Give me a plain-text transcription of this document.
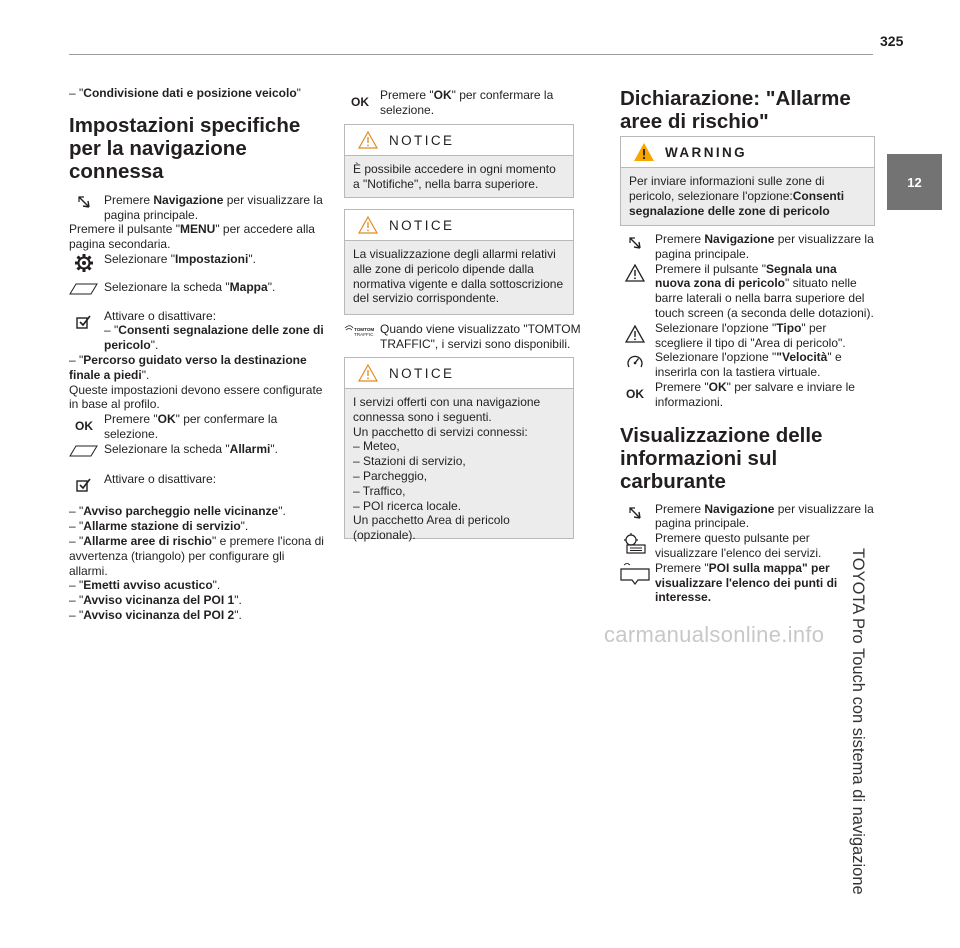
325
12
TOYOTA Pro Touch con sistema di navigazione

– "Condivisione dati e posizione veicolo"

Impostazioni specifiche per la navigazione connessa

Premere Navigazione per visualizzare la pagina principale.

Premere il pulsante "MENU" per accedere alla pagina secondaria.

Selezionare "Impostazioni".

Selezionare la scheda "Mappa".

Attivare o disattivare:

– "Consenti segnalazione delle zone di pericolo".

– "Percorso guidato verso la destinazione finale a piedi".

Queste impostazioni devono essere configurate in base al profilo.

OK Premere "OK" per confermare la selezione.

Selezionare la scheda "Allarmi".

Attivare o disattivare:

– "Avviso parcheggio nelle vicinanze".

– "Allarme stazione di servizio".

– "Allarme aree di rischio" e premere l'icona di avvertenza (triangolo) per configurare gli allarmi.

– "Emetti avviso acustico".

– "Avviso vicinanza del POI 1".

– "Avviso vicinanza del POI 2".

OK Premere "OK" per confermare la selezione.

NOTICE
È possibile accedere in ogni momento a "Notifiche", nella barra superiore.
NOTICE
La visualizzazione degli allarmi relativi alle zone di pericolo dipende dalla normativa vigente e dalla sottoscrizione del servizio corrispondente.
TOMTOM
TRAFFIC Quando viene visualizzato "TOMTOM TRAFFIC", i servizi sono disponibili.

NOTICE
I servizi offerti con una navigazione connessa sono i seguenti.
Un pacchetto di servizi connessi:
– Meteo,
– Stazioni di servizio,
– Parcheggio,
– Traffico,
– POI ricerca locale.
Un pacchetto Area di pericolo (opzionale).
Dichiarazione: "Allarme aree di rischio"
WARNING
Per inviare informazioni sulle zone di pericolo, selezionare l'opzione:Consenti segnalazione delle zone di pericolo

Premere Navigazione per visualizzare la pagina principale.

Premere il pulsante "Segnala una nuova zona di pericolo" situato nelle barre laterali o nella barra superiore del touch screen (a seconda delle dotazioni).

Selezionare l'opzione "Tipo" per scegliere il tipo di "Area di pericolo".

Selezionare l'opzione ""Velocità" e inserirla con la tastiera virtuale.

OK Premere "OK" per salvare e inviare le informazioni.

Visualizzazione delle informazioni sul carburante

Premere Navigazione per visualizzare la pagina principale.

Premere questo pulsante per visualizzare l'elenco dei servizi.

Premere "POI sulla mappa" per visualizzare l'elenco dei punti di interesse.

carmanualsonline.info
